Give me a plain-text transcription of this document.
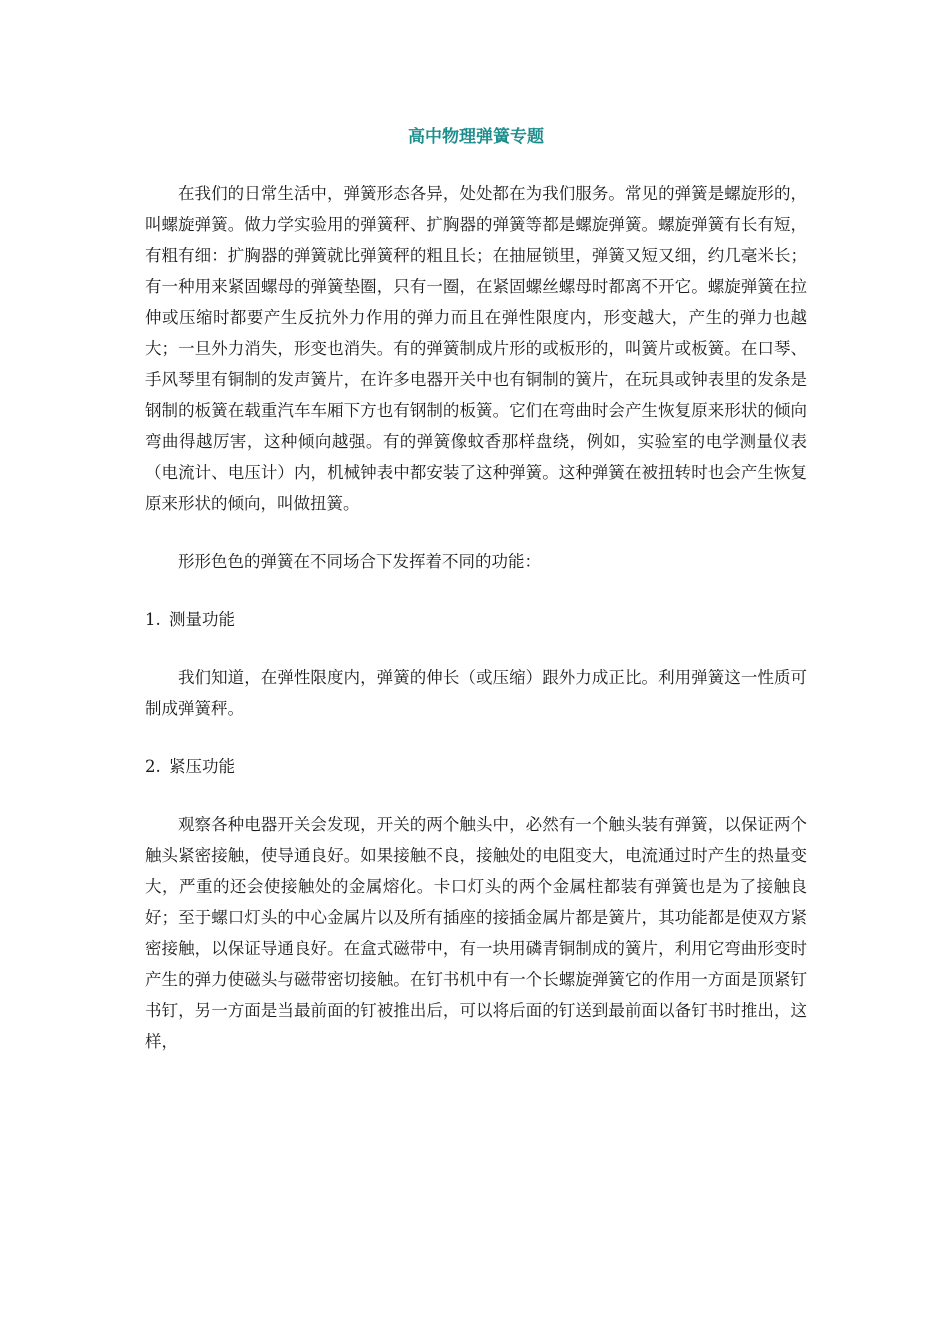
高中物理弹簧专题

在我们的日常生活中，弹簧形态各异，处处都在为我们服务。常见的弹簧是螺旋形的，叫螺旋弹簧。做力学实验用的弹簧秤、扩胸器的弹簧等都是螺旋弹簧。螺旋弹簧有长有短，有粗有细：扩胸器的弹簧就比弹簧秤的粗且长；在抽屉锁里，弹簧又短又细，约几毫米长；有一种用来紧固螺母的弹簧垫圈，只有一圈，在紧固螺丝螺母时都离不开它。螺旋弹簧在拉伸或压缩时都要产生反抗外力作用的弹力而且在弹性限度内，形变越大，产生的弹力也越大；一旦外力消失，形变也消失。有的弹簧制成片形的或板形的，叫簧片或板簧。在口琴、手风琴里有铜制的发声簧片，在许多电器开关中也有铜制的簧片，在玩具或钟表里的发条是钢制的板簧在载重汽车车厢下方也有钢制的板簧。它们在弯曲时会产生恢复原来形状的倾向弯曲得越厉害，这种倾向越强。有的弹簧像蚊香那样盘绕，例如，实验室的电学测量仪表（电流计、电压计）内，机械钟表中都安装了这种弹簧。这种弹簧在被扭转时也会产生恢复原来形状的倾向，叫做扭簧。

形形色色的弹簧在不同场合下发挥着不同的功能：

1. 测量功能

我们知道，在弹性限度内，弹簧的伸长（或压缩）跟外力成正比。利用弹簧这一性质可制成弹簧秤。

2. 紧压功能

观察各种电器开关会发现，开关的两个触头中，必然有一个触头装有弹簧，以保证两个触头紧密接触，使导通良好。如果接触不良，接触处的电阻变大，电流通过时产生的热量变大，严重的还会使接触处的金属熔化。卡口灯头的两个金属柱都装有弹簧也是为了接触良好；至于螺口灯头的中心金属片以及所有插座的接插金属片都是簧片，其功能都是使双方紧密接触，以保证导通良好。在盒式磁带中，有一块用磷青铜制成的簧片，利用它弯曲形变时产生的弹力使磁头与磁带密切接触。在钉书机中有一个长螺旋弹簧它的作用一方面是顶紧钉书钉，另一方面是当最前面的钉被推出后，可以将后面的钉送到最前面以备钉书时推出，这样，
